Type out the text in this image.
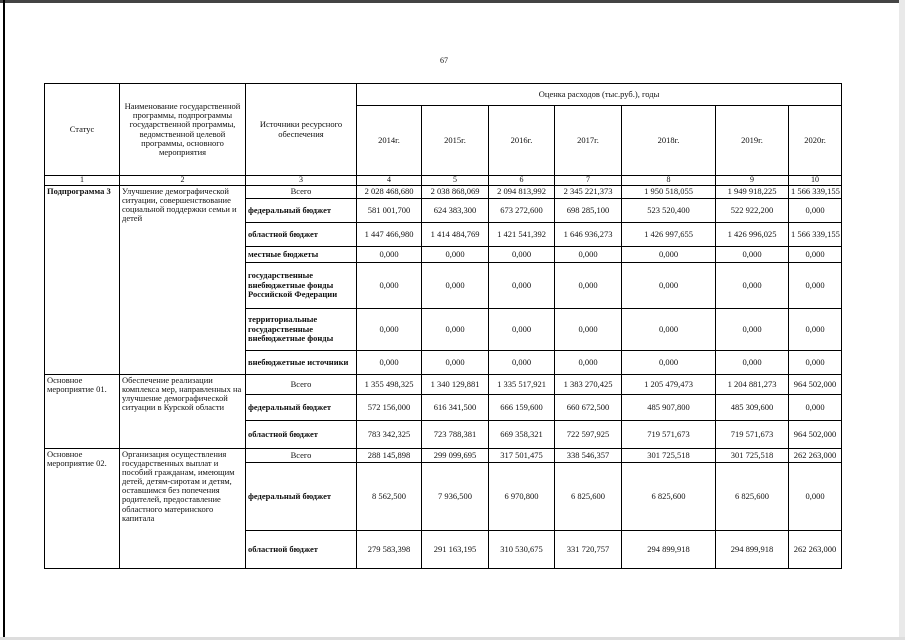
67
Статус	Наименование государственной программы, подпрограммы государственной программы, ведомственной целевой программы, основного мероприятия	Источники ресурсного обеспечения	Оценка расходов (тыс.руб.), годы						
			2014г.	2015г.	2016г.	2017г.	2018г.	2019г.	2020г.
1	2	3	4	5	6	7	8	9	10
Подпрограмма 3	Улучшение демографической ситуации, совершенствование социальной поддержки семьи и детей	Всего	2 028 468,680	2 038 868,069	2 094 813,992	2 345 221,373	1 950 518,055	1 949 918,225	1 566 339,155
		федеральный бюджет	581 001,700	624 383,300	673 272,600	698 285,100	523 520,400	522 922,200	0,000
		областной бюджет	1 447 466,980	1 414 484,769	1 421 541,392	1 646 936,273	1 426 997,655	1 426 996,025	1 566 339,155
		местные бюджеты	0,000	0,000	0,000	0,000	0,000	0,000	0,000
		государственные внебюджетные фонды Российской Федерации	0,000	0,000	0,000	0,000	0,000	0,000	0,000
		территориальные государственные внебюджетные фонды	0,000	0,000	0,000	0,000	0,000	0,000	0,000
		внебюджетные источники	0,000	0,000	0,000	0,000	0,000	0,000	0,000
Основное мероприятие 01.	Обеспечение реализации комплекса мер, направленных на улучшение демографической ситуации в Курской области	Всего	1 355 498,325	1 340 129,881	1 335 517,921	1 383 270,425	1 205 479,473	1 204 881,273	964 502,000
		федеральный бюджет	572 156,000	616 341,500	666 159,600	660 672,500	485 907,800	485 309,600	0,000
		областной бюджет	783 342,325	723 788,381	669 358,321	722 597,925	719 571,673	719 571,673	964 502,000
Основное мероприятие 02.	Организация осуществления государственных выплат и пособий гражданам, имеющим детей, детям-сиротам и детям, оставшимся без попечения родителей, предоставление областного материнского капитала	Всего	288 145,898	299 099,695	317 501,475	338 546,357	301 725,518	301 725,518	262 263,000
		федеральный бюджет	8 562,500	7 936,500	6 970,800	6 825,600	6 825,600	6 825,600	0,000
		областной бюджет	279 583,398	291 163,195	310 530,675	331 720,757	294 899,918	294 899,918	262 263,000
